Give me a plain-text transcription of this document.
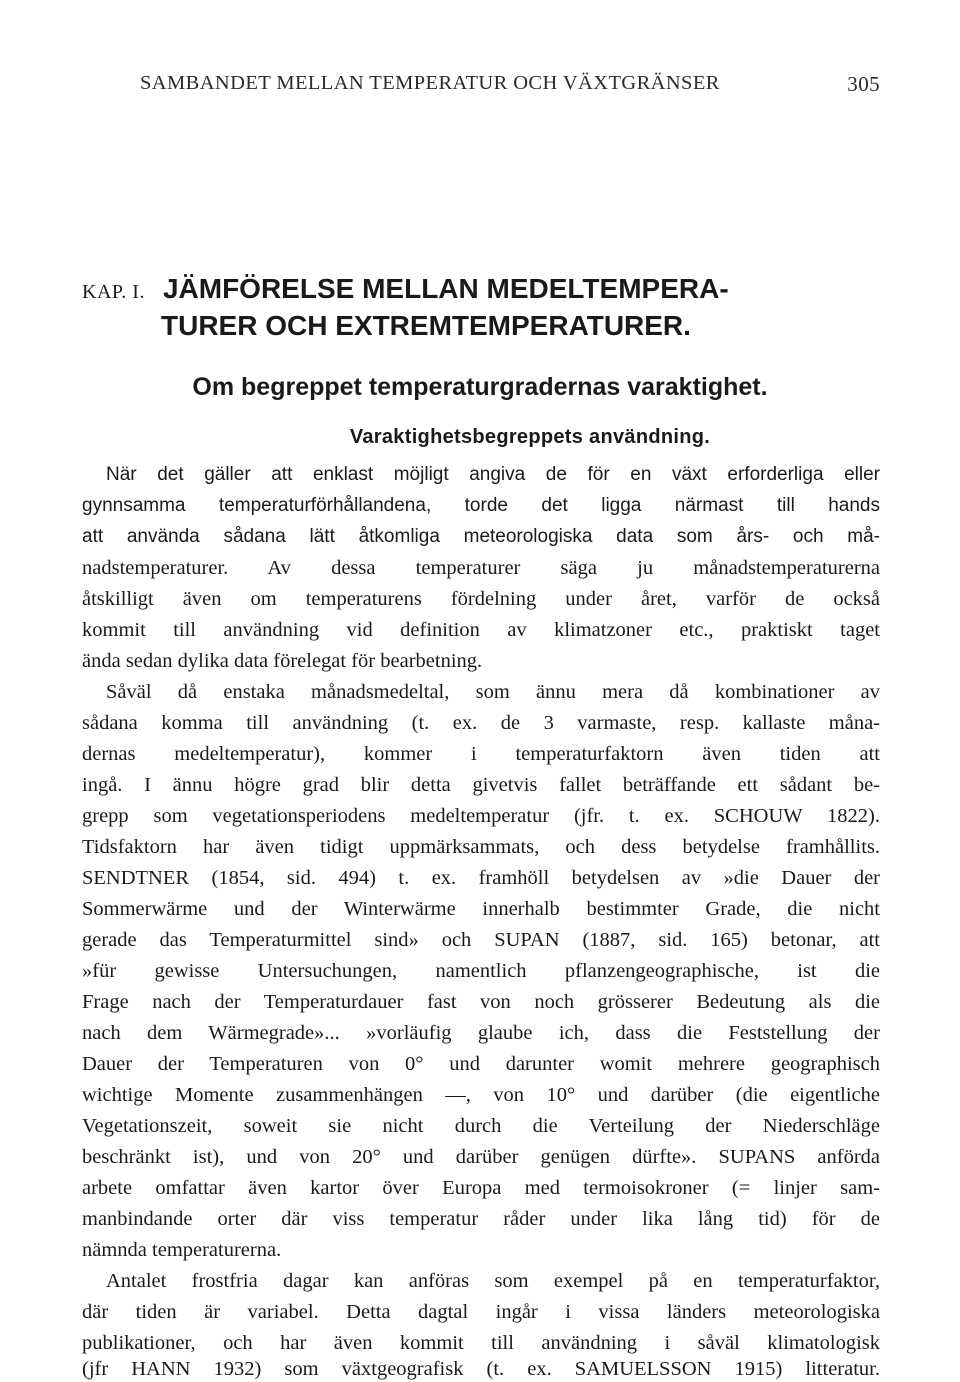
SAMBANDET MELLAN TEMPERATUR OCH VÄXTGRÄNSER	305
KAP. I. JÄMFÖRELSE MELLAN MEDELTEMPERA-
TURER OCH EXTREMTEMPERATURER.
Om begreppet temperaturgradernas varaktighet.
Varaktighetsbegreppets användning.
När det gäller att enklast möjligt angiva de för en växt erforderliga eller
gynnsamma temperaturförhållandena, torde det ligga närmast till hands
att använda sådana lätt åtkomliga meteorologiska data som års- och må-
nadstemperaturer. Av dessa temperaturer säga ju månadstemperaturerna
åtskilligt även om temperaturens fördelning under året, varför de också
kommit till användning vid definition av klimatzoner etc., praktiskt taget
ända sedan dylika data förelegat för bearbetning.
Såväl då enstaka månadsmedeltal, som ännu mera då kombinationer av
sådana komma till användning (t. ex. de 3 varmaste, resp. kallaste måna-
dernas medeltemperatur), kommer i temperaturfaktorn även tiden att
ingå. I ännu högre grad blir detta givetvis fallet beträffande ett sådant be-
grepp som vegetationsperiodens medeltemperatur (jfr. t. ex. SCHOUW 1822).
Tidsfaktorn har även tidigt uppmärksammats, och dess betydelse framhållits.
SENDTNER (1854, sid. 494) t. ex. framhöll betydelsen av »die Dauer der
Sommerwärme und der Winterwärme innerhalb bestimmter Grade, die nicht
gerade das Temperaturmittel sind» och SUPAN (1887, sid. 165) betonar, att
»für gewisse Untersuchungen, namentlich pflanzengeographische, ist die
Frage nach der Temperaturdauer fast von noch grösserer Bedeutung als die
nach dem Wärmegrade»... »vorläufig glaube ich, dass die Feststellung der
Dauer der Temperaturen von 0° und darunter womit mehrere geographisch
wichtige Momente zusammenhängen —, von 10° und darüber (die eigentliche
Vegetationszeit, soweit sie nicht durch die Verteilung der Niederschläge
beschränkt ist), und von 20° und darüber genügen dürfte». SUPANS anförda
arbete omfattar även kartor över Europa med termoisokroner (= linjer sam-
manbindande orter där viss temperatur råder under lika lång tid) för de
nämnda temperaturerna.
Antalet frostfria dagar kan anföras som exempel på en temperaturfaktor,
där tiden är variabel. Detta dagtal ingår i vissa länders meteorologiska
publikationer, och har även kommit till användning i såväl klimatologisk
(jfr HANN 1932) som växtgeografisk (t. ex. SAMUELSSON 1915) litteratur.
